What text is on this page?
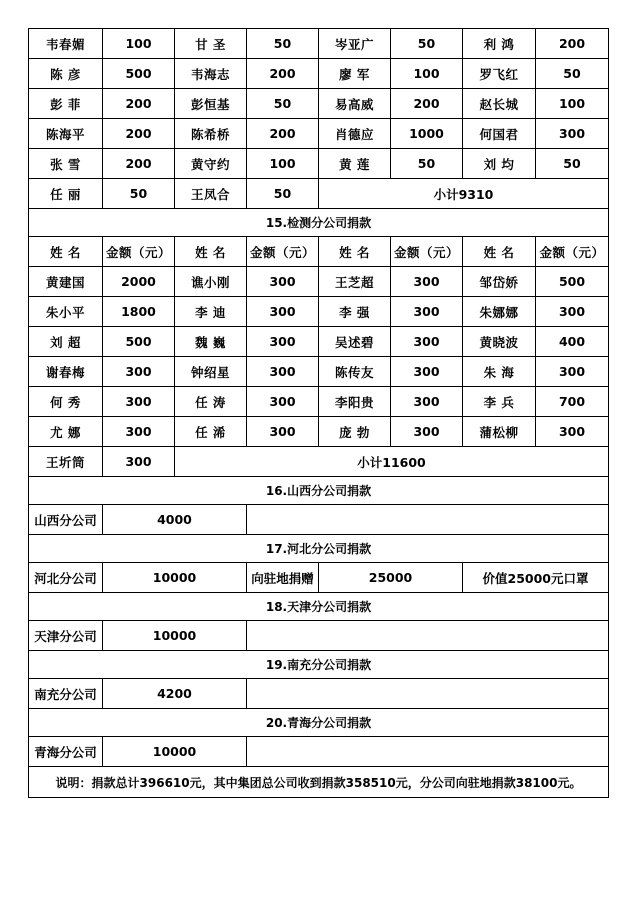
韦春媚	100	甘 圣	50	岑亚广	50	利 鸿	200
陈 彦	500	韦海志	200	廖 军	100	罗飞红	50
彭 菲	200	彭恒基	50	易高威	200	赵长城	100
陈海平	200	陈希桥	200	肖德应	1000	何国君	300
张 雪	200	黄守约	100	黄 莲	50	刘 均	50
任 丽	50	王凤合	50	小计9310			
15.检测分公司捐款							
姓 名	金额（元）	姓 名	金额（元）	姓 名	金额（元）	姓 名	金额（元）
黄建国	2000	谯小刚	300	王芝超	300	邹岱娇	500
朱小平	1800	李 迪	300	李 强	300	朱娜娜	300
刘 超	500	魏 巍	300	吴述碧	300	黄晓波	400
谢春梅	300	钟绍星	300	陈传友	300	朱 海	300
何 秀	300	任 涛	300	李阳贵	300	李 兵	700
尤 娜	300	任 浠	300	庞 勃	300	蒲松柳	300
王圻筒	300	小计11600					
16.山西分公司捐款							
山西分公司	4000						
17.河北分公司捐款							
河北分公司	10000		向驻地捐赠	25000		价值25000元口罩	
18.天津分公司捐款							
天津分公司	10000						
19.南充分公司捐款							
南充分公司	4200						
20.青海分公司捐款							
青海分公司	10000						
说明：捐款总计396610元，其中集团总公司收到捐款358510元，分公司向驻地捐款38100元。							
